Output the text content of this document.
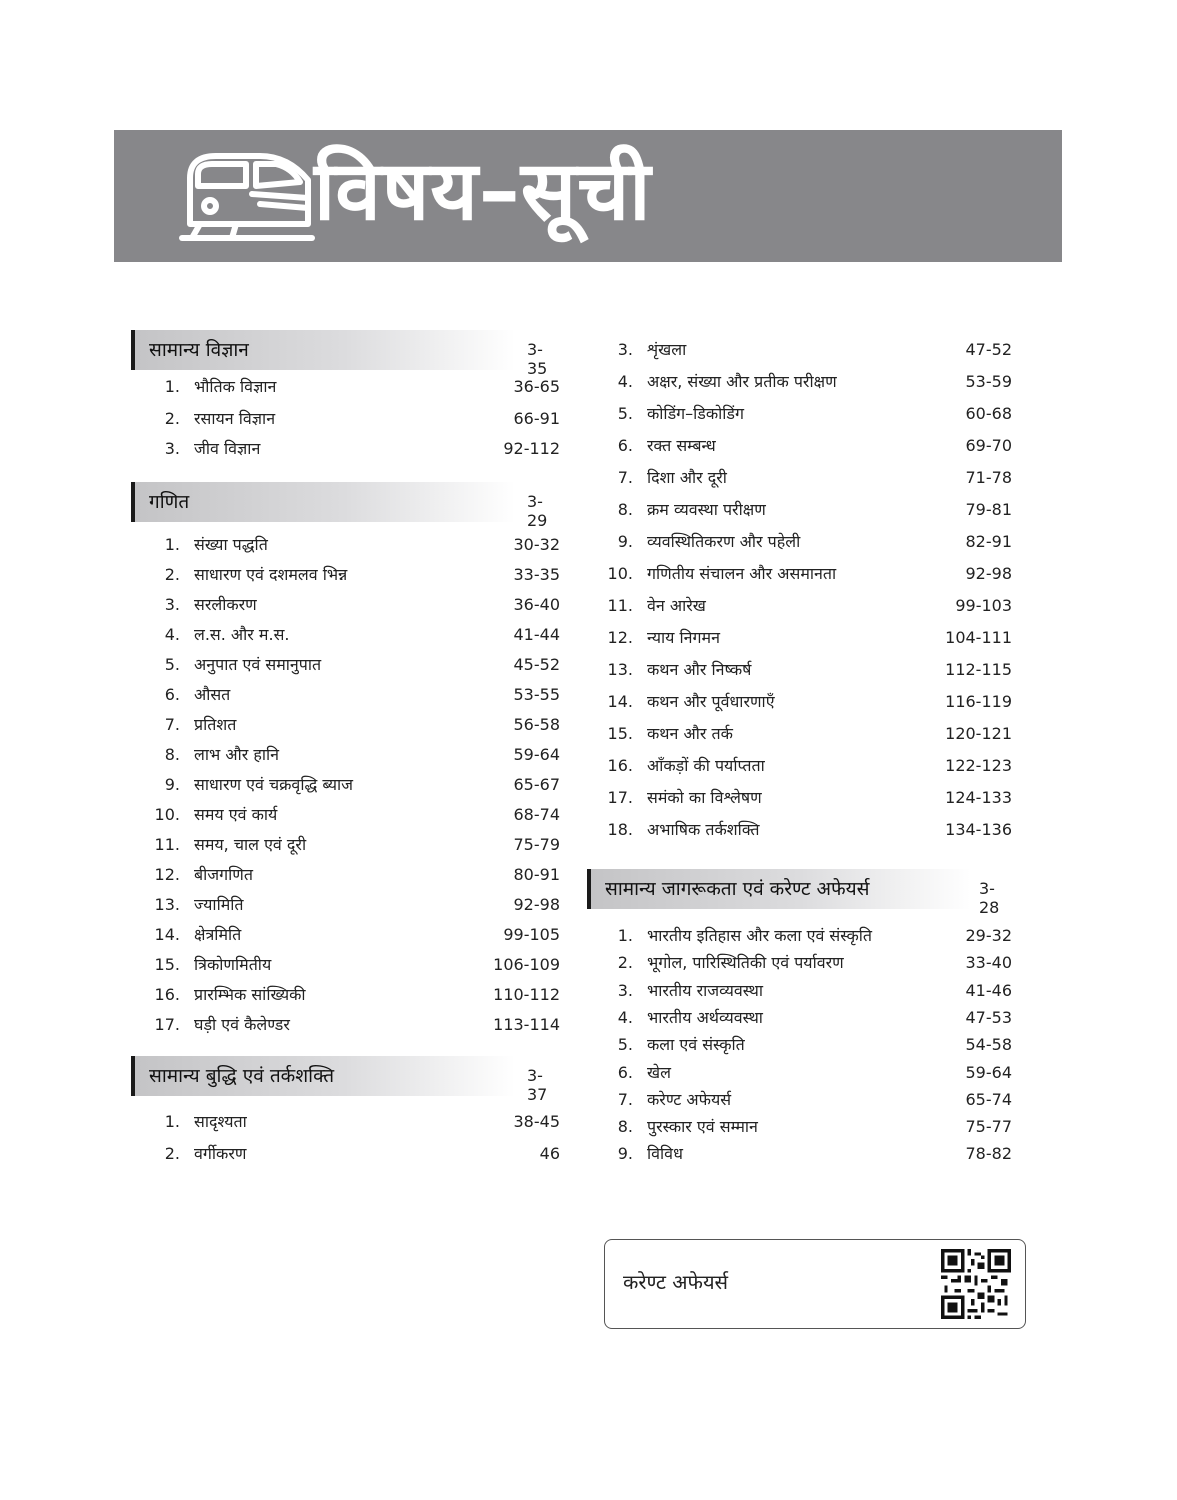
विषय–सूची
सामान्य विज्ञान	3-35
1. भौतिक विज्ञान	36-65
2. रसायन विज्ञान	66-91
3. जीव विज्ञान	92-112
गणित	3-29
1. संख्या पद्धति	30-32
2. साधारण एवं दशमलव भिन्न	33-35
3. सरलीकरण	36-40
4. ल.स. और म.स.	41-44
5. अनुपात एवं समानुपात	45-52
6. औसत	53-55
7. प्रतिशत	56-58
8. लाभ और हानि	59-64
9. साधारण एवं चक्रवृद्धि ब्याज	65-67
10. समय एवं कार्य	68-74
11. समय, चाल एवं दूरी	75-79
12. बीजगणित	80-91
13. ज्यामिति	92-98
14. क्षेत्रमिति	99-105
15. त्रिकोणमितीय	106-109
16. प्रारम्भिक सांख्यिकी	110-112
17. घड़ी एवं कैलेण्डर	113-114
सामान्य बुद्धि एवं तर्कशक्ति	3-37
1. सादृश्यता	38-45
2. वर्गीकरण	46
3. शृंखला	47-52
4. अक्षर, संख्या और प्रतीक परीक्षण	53-59
5. कोडिंग–डिकोडिंग	60-68
6. रक्त सम्बन्ध	69-70
7. दिशा और दूरी	71-78
8. क्रम व्यवस्था परीक्षण	79-81
9. व्यवस्थितिकरण और पहेली	82-91
10. गणितीय संचालन और असमानता	92-98
11. वेन आरेख	99-103
12. न्याय निगमन	104-111
13. कथन और निष्कर्ष	112-115
14. कथन और पूर्वधारणाएँ	116-119
15. कथन और तर्क	120-121
16. आँकड़ों की पर्याप्तता	122-123
17. समंको का विश्लेषण	124-133
18. अभाषिक तर्कशक्ति	134-136
सामान्य जागरूकता एवं करेण्ट अफेयर्स	3-28
1. भारतीय इतिहास और कला एवं संस्कृति	29-32
2. भूगोल, पारिस्थितिकी एवं पर्यावरण	33-40
3. भारतीय राजव्यवस्था	41-46
4. भारतीय अर्थव्यवस्था	47-53
5. कला एवं संस्कृति	54-58
6. खेल	59-64
7. करेण्ट अफेयर्स	65-74
8. पुरस्कार एवं सम्मान	75-77
9. विविध	78-82
करेण्ट अफेयर्स
